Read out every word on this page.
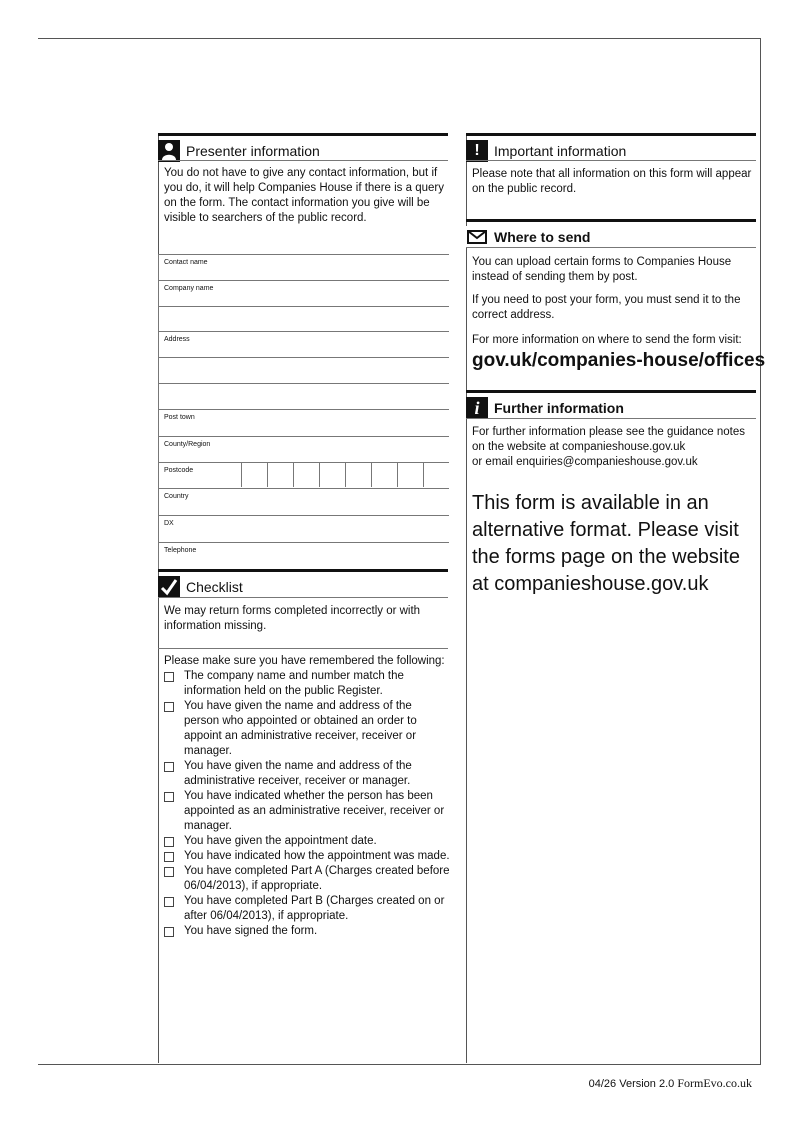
Presenter information
You do not have to give any contact information, but if you do, it will help Companies House if there is a query on the form. The contact information you give will be visible to searchers of the public record.
Contact name
Company name
Address
Post town
County/Region
Postcode
Country
DX
Telephone
Checklist
We may return forms completed incorrectly or with information missing.
Please make sure you have remembered the following:
The company name and number match the information held on the public Register.
You have given the name and address of the person who appointed or obtained an order to appoint an administrative receiver, receiver or manager.
You have given the name and address of the administrative receiver, receiver or manager.
You have indicated whether the person has been appointed as an administrative receiver, receiver or manager.
You have given the appointment date.
You have indicated how the appointment was made.
You have completed Part A (Charges created before 06/04/2013), if appropriate.
You have completed Part B (Charges created on or after 06/04/2013), if appropriate.
You have signed the form.
!	Important information
Please note that all information on this form will appear on the public record.
Where to send
You can upload certain forms to Companies House instead of sending them by post.
If you need to post your form, you must send it to the correct address.
For more information on where to send the form visit:
gov.uk/companies-house/offices
i	Further information
For further information please see the guidance notes
on the website at companieshouse.gov.uk
or email enquiries@companieshouse.gov.uk
This form is available in an alternative format. Please visit the forms page on the website at companieshouse.gov.uk
04/26 Version 2.0 FormEvo.co.uk
